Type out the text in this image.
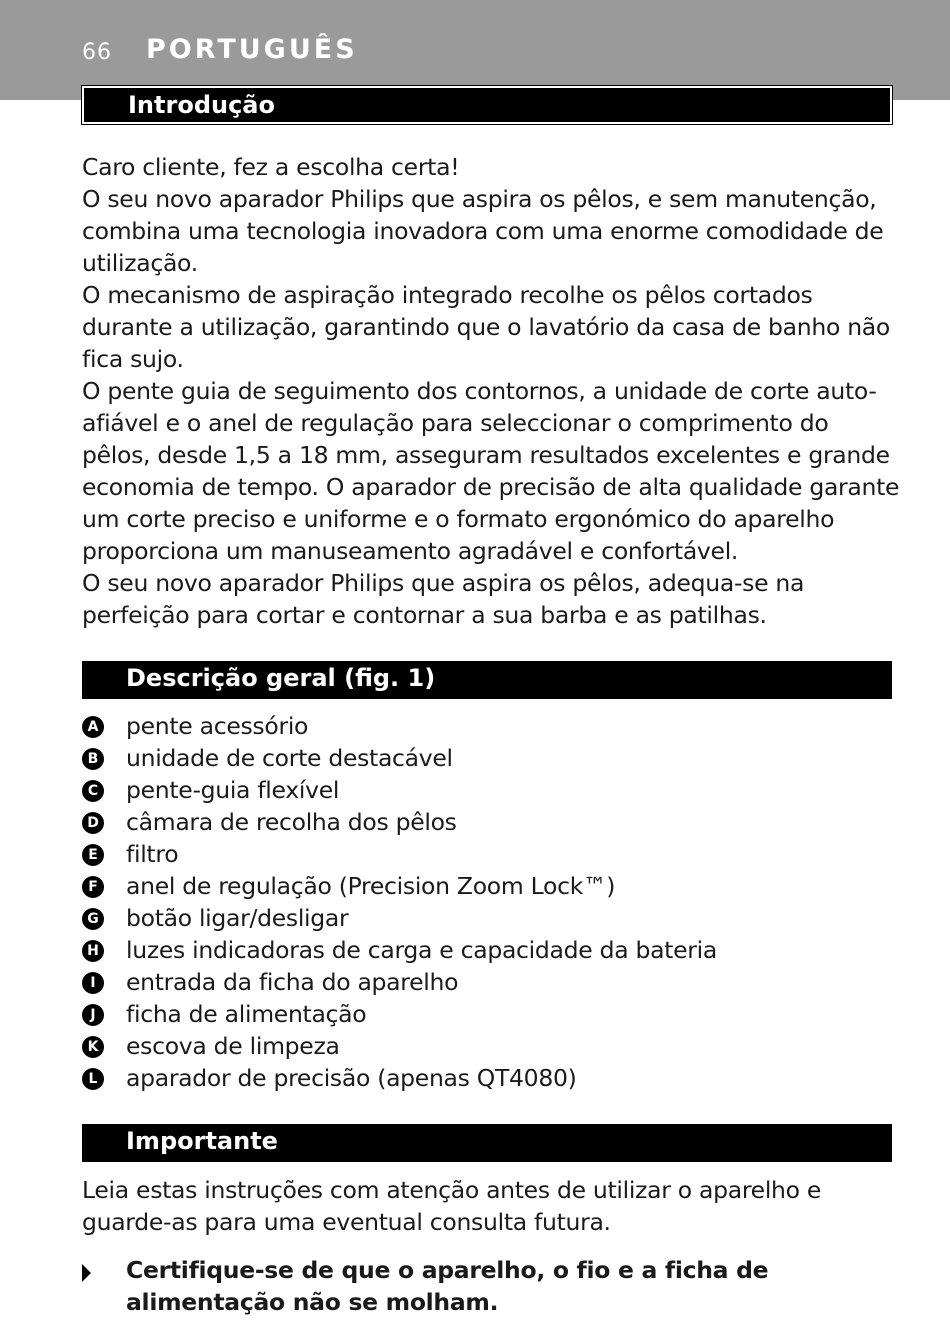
66 PORTUGUÊS
Introdução

Caro cliente, fez a escolha certa!

O seu novo aparador Philips que aspira os pêlos, e sem manutenção, combina uma tecnologia inovadora com uma enorme comodidade de utilização.

O mecanismo de aspiração integrado recolhe os pêlos cortados durante a utilização, garantindo que o lavatório da casa de banho não fica sujo.

O pente guia de seguimento dos contornos, a unidade de corte auto-afiável e o anel de regulação para seleccionar o comprimento do pêlos, desde 1,5 a 18 mm, asseguram resultados excelentes e grande economia de tempo. O aparador de precisão de alta qualidade garante um corte preciso e uniforme e o formato ergonómico do aparelho proporciona um manuseamento agradável e confortável.

O seu novo aparador Philips que aspira os pêlos, adequa-se na perfeição para cortar e contornar a sua barba e as patilhas.

Descrição geral (fig. 1)
A pente acessório
B unidade de corte destacável
C pente-guia flexível
D câmara de recolha dos pêlos
E filtro
F anel de regulação (Precision Zoom Lock™)
G botão ligar/desligar
H luzes indicadoras de carga e capacidade da bateria
I	entrada da ficha do aparelho
J	ficha de alimentação
K escova de limpeza
L aparador de precisão (apenas QT4080)
Importante

Leia estas instruções com atenção antes de utilizar o aparelho e guarde-as para uma eventual consulta futura.

Certifique-se de que o aparelho, o fio e a ficha de alimentação não se molham.
